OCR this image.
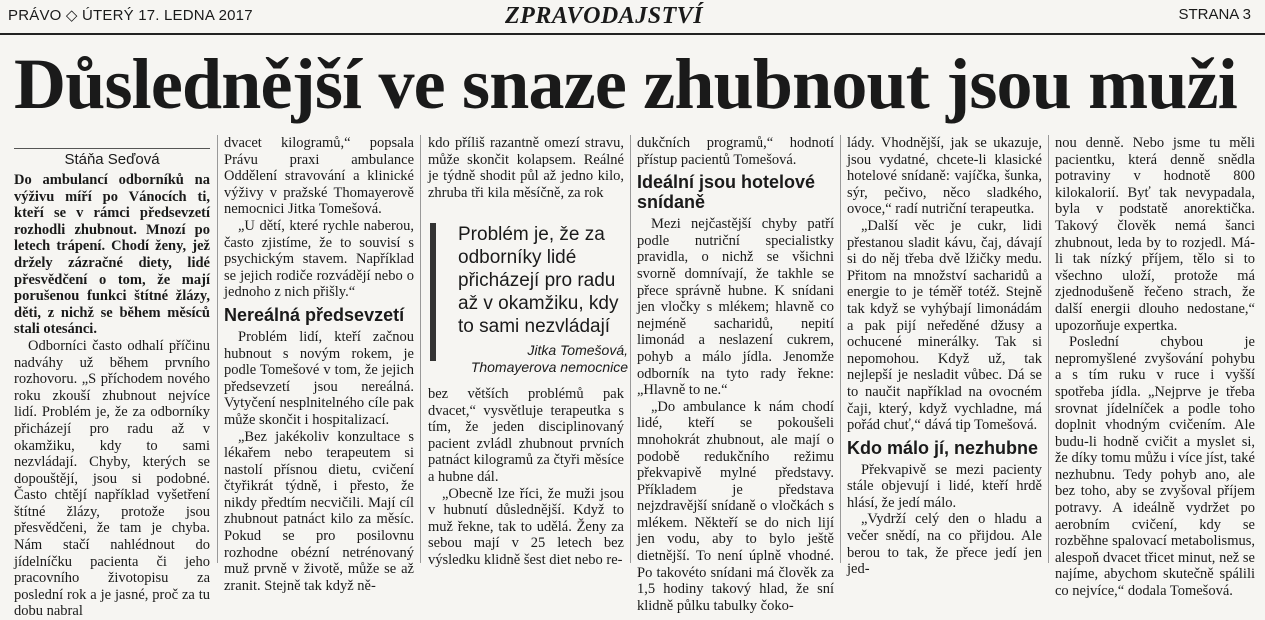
PRÁVO ◇ ÚTERÝ 17. LEDNA 2017	ZPRAVODAJSTVÍ	STRANA 3
Důslednější ve snaze zhubnout jsou muži
Stáňa Seďová

Do ambulancí odborníků na výživu míří po Vánocích ti, kteří se v rámci předsevzetí rozhodli zhubnout. Mnozí po letech trápení. Chodí ženy, jež držely zázračné diety, lidé přesvědčení o tom, že mají porušenou funkci štítné žlázy, děti, z nichž se během měsíců stali otesánci.

Odborníci často odhalí příčinu nadváhy už během prvního rozhovoru. „S příchodem nového roku zkouší zhubnout nejvíce lidí. Problém je, že za odborníky přicházejí pro radu až v okamžiku, kdy to sami nezvládají. Chyby, kterých se dopouštějí, jsou si podobné. Často chtějí například vyšetření štítné žlázy, protože jsou přesvědčeni, že tam je chyba. Nám stačí nahlédnout do jídelníčku pacienta či jeho pracovního životopisu za poslední rok a je jasné, proč za tu dobu nabral

dvacet kilogramů,“ popsala Právu praxi ambulance Oddělení stravování a klinické výživy v pražské Thomayerově nemocnici Jitka Tomešová.

„U dětí, které rychle naberou, často zjistíme, že to souvisí s psychickým stavem. Například se jejich rodiče rozvádějí nebo o jednoho z nich přišly.“

Nereálná předsevzetí

Problém lidí, kteří začnou hubnout s novým rokem, je podle Tomešové v tom, že jejich předsevzetí jsou nereálná. Vytyčení nesplnitelného cíle pak může skončit i hospitalizací.

„Bez jakékoliv konzultace s lékařem nebo terapeutem si nastolí přísnou dietu, cvičení čtyřikrát týdně, i přesto, že nikdy předtím necvičili. Mají cíl zhubnout patnáct kilo za měsíc. Pokud se pro posilovnu rozhodne obézní netrénovaný muž prvně v životě, může se až zranit. Stejně tak když ně-

kdo příliš razantně omezí stravu, může skončit kolapsem. Reálné je týdně shodit půl až jedno kilo, zhruba tři kila měsíčně, za rok

Problém je, že za odborníky lidé přicházejí pro radu až v okamžiku, kdy to sami nezvládají
Jitka Tomešová,
Thomayerova nemocnice

bez větších problémů pak dvacet,“ vysvětluje terapeutka s tím, že jeden disciplinovaný pacient zvládl zhubnout prvních patnáct kilogramů za čtyři měsíce a hubne dál.

„Obecně lze říci, že muži jsou v hubnutí důslednější. Když to muž řekne, tak to udělá. Ženy za sebou mají v 25 letech bez výsledku klidně šest diet nebo re-

dukčních programů,“ hodnotí přístup pacientů Tomešová.

Ideální jsou hotelové snídaně

Mezi nejčastější chyby patří podle nutriční specialistky pravidla, o nichž se všichni svorně domnívají, že takhle se přece správně hubne. K snídani jen vločky s mlékem; hlavně co nejméně sacharidů, nepití limonád a neslazení cukrem, pohyb a málo jídla. Jenomže odborník na tyto rady řekne: „Hlavně to ne.“

„Do ambulance k nám chodí lidé, kteří se pokoušeli mnohokrát zhubnout, ale mají o podobě redukčního režimu překvapivě mylné představy. Příkladem je představa nejzdravější snídaně o vločkách s mlékem. Někteří se do nich lijí jen vodu, aby to bylo ještě dietnější. To není úplně vhodné. Po takovéto snídani má člověk za 1,5 hodiny takový hlad, že sní klidně půlku tabulky čoko-

lády. Vhodnější, jak se ukazuje, jsou vydatné, chcete-li klasické hotelové snídaně: vajíčka, šunka, sýr, pečivo, něco sladkého, ovoce,“ radí nutriční terapeutka.

„Další věc je cukr, lidi přestanou sladit kávu, čaj, dávají si do něj třeba dvě lžičky medu. Přitom na množství sacharidů a energie to je téměř totéž. Stejně tak když se vyhýbají limonádám a pak pijí neředěné džusy a ochucené minerálky. Tak si nepomohou. Když už, tak nejlepší je nesladit vůbec. Dá se to naučit například na ovocném čaji, který, když vychladne, má pořád chuť,“ dává tip Tomešová.

Kdo málo jí, nezhubne

Překvapivě se mezi pacienty stále objevují i lidé, kteří hrdě hlásí, že jedí málo.

„Vydrží celý den o hladu a večer snědí, na co přijdou. Ale berou to tak, že přece jedí jen jed-

nou denně. Nebo jsme tu měli pacientku, která denně snědla potraviny v hodnotě 800 kilokalorií. Byť tak nevypadala, byla v podstatě anorektička. Takový člověk nemá šanci zhubnout, leda by to rozjedl. Má-li tak nízký příjem, tělo si to všechno uloží, protože má zjednodušeně řečeno strach, že další energii dlouho nedostane,“ upozorňuje expertka.

Poslední chybou je nepromyšlené zvyšování pohybu a s tím ruku v ruce i vyšší spotřeba jídla. „Nejprve je třeba srovnat jídelníček a podle toho doplnit vhodným cvičením. Ale budu-li hodně cvičit a myslet si, že díky tomu můžu i více jíst, také nezhubnu. Tedy pohyb ano, ale bez toho, aby se zvyšoval příjem potravy. A ideálně vydržet po aerobním cvičení, kdy se rozběhne spalovací metabolismus, alespoň dvacet třicet minut, než se najíme, abychom skutečně spálili co nejvíce,“ dodala Tomešová.
